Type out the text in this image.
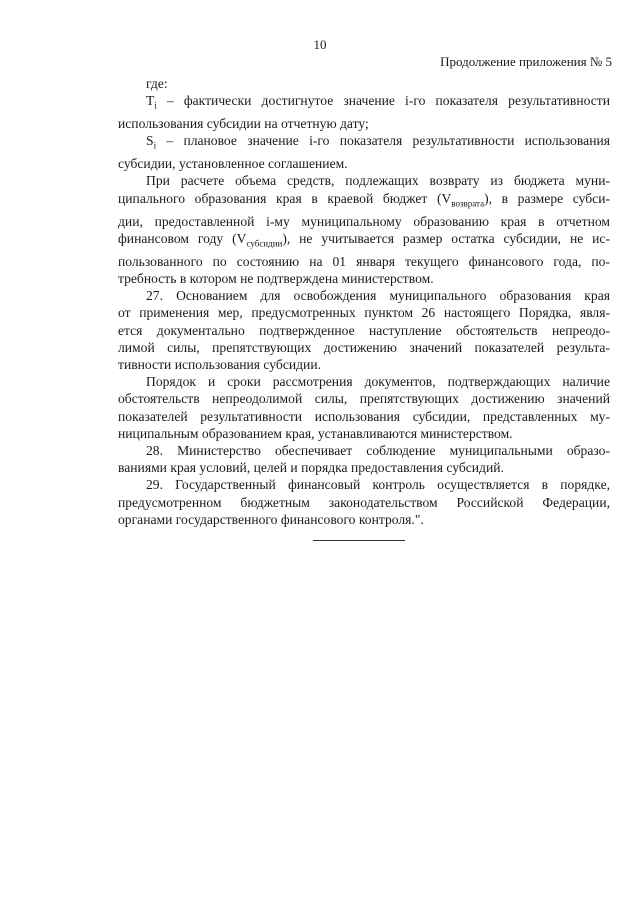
10
Продолжение приложения № 5
где:
$T_i$ – фактически достигнутое значение i-го показателя результативности
использования субсидии на отчетную дату;
$S_i$ – плановое значение i-го показателя результативности использования
субсидии, установленное соглашением.
При расчете объема средств, подлежащих возврату из бюджета муни-
ципального образования края в краевой бюджет $(V_{возврата})$, в размере субси-
дии, предоставленной i-му муниципальному образованию края в отчетном
финансовом году $(V_{субсидии})$, не учитывается размер остатка субсидии, не ис-
пользованного по состоянию на 01 января текущего финансового года, по-
требность в котором не подтверждена министерством.
27. Основанием для освобождения муниципального образования края
от применения мер, предусмотренных пунктом 26 настоящего Порядка, явля-
ется документально подтвержденное наступление обстоятельств непреодо-
лимой силы, препятствующих достижению значений показателей результа-
тивности использования субсидии.
Порядок и сроки рассмотрения документов, подтверждающих наличие
обстоятельств непреодолимой силы, препятствующих достижению значений
показателей результативности использования субсидии, представленных му-
ниципальным образованием края, устанавливаются министерством.
28. Министерство обеспечивает соблюдение муниципальными образо-
ваниями края условий, целей и порядка предоставления субсидий.
29. Государственный финансовый контроль осуществляется в порядке,
предусмотренном бюджетным законодательством Российской Федерации,
органами государственного финансового контроля.".
